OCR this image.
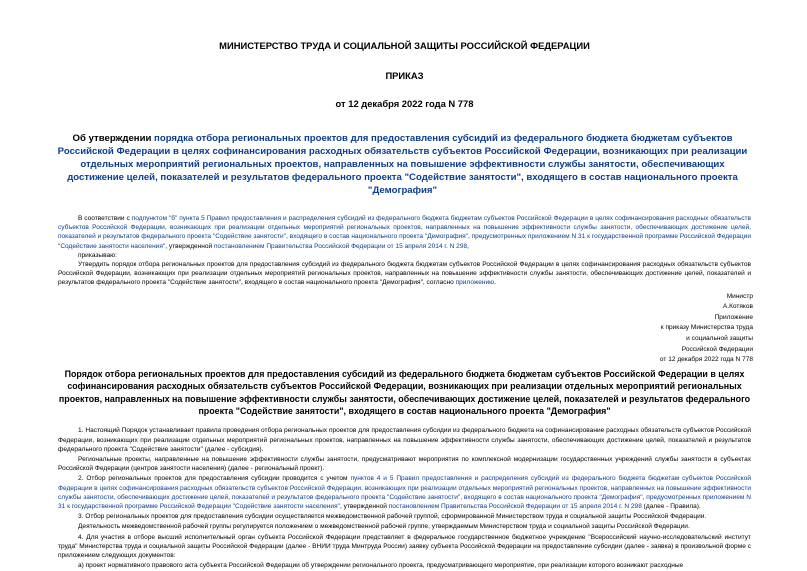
МИНИСТЕРСТВО ТРУДА И СОЦИАЛЬНОЙ ЗАЩИТЫ РОССИЙСКОЙ ФЕДЕРАЦИИ
ПРИКАЗ
от 12 декабря 2022 года N 778
Об утверждении порядка отбора региональных проектов для предоставления субсидий из федерального бюджета бюджетам субъектов Российской Федерации в целях софинансирования расходных обязательств субъектов Российской Федерации, возникающих при реализации отдельных мероприятий региональных проектов, направленных на повышение эффективности службы занятости, обеспечивающих достижение целей, показателей и результатов федерального проекта "Содействие занятости", входящего в состав национального проекта "Демография"

В соответствии с подпунктом "б" пункта 5 Правил предоставления и распределения субсидий из федерального бюджета бюджетам субъектов Российской Федерации в целях софинансирования расходных обязательств субъектов Российской Федерации, возникающих при реализации отдельных мероприятий региональных проектов, направленных на повышение эффективности службы занятости, обеспечивающих достижение целей, показателей и результатов федерального проекта "Содействие занятости", входящего в состав национального проекта "Демография", предусмотренных приложением N 31 к государственной программе Российской Федерации "Содействие занятости населения", утвержденной постановлением Правительства Российской Федерации от 15 апреля 2014 г. N 298,

приказываю:

Утвердить порядок отбора региональных проектов для предоставления субсидий из федерального бюджета бюджетам субъектов Российской Федерации в целях софинансирования расходных обязательств субъектов Российской Федерации, возникающих при реализации отдельных мероприятий региональных проектов, направленных на повышение эффективности службы занятости, обеспечивающих достижение целей, показателей и результатов федерального проекта "Содействие занятости", входящего в состав национального проекта "Демография", согласно приложению.

Министр
А.Котяков
Приложение
к приказу Министерства труда
и социальной защиты
Российской Федерации
от 12 декабря 2022 года N 778
Порядок отбора региональных проектов для предоставления субсидий из федерального бюджета бюджетам субъектов Российской Федерации в целях софинансирования расходных обязательств субъектов Российской Федерации, возникающих при реализации отдельных мероприятий региональных проектов, направленных на повышение эффективности службы занятости, обеспечивающих достижение целей, показателей и результатов федерального проекта "Содействие занятости", входящего в состав национального проекта "Демография"

1. Настоящий Порядок устанавливает правила проведения отбора региональных проектов для предоставления субсидии из федерального бюджета на софинансирование расходных обязательств субъектов Российской Федерации, возникающих при реализации отдельных мероприятий региональных проектов, направленных на повышение эффективности службы занятости, обеспечивающих достижение целей, показателей и результатов федерального проекта "Содействие занятости" (далее - субсидия).

Региональные проекты, направленные на повышение эффективности службы занятости, предусматривают мероприятия по комплексной модернизации государственных учреждений службы занятости в субъектах Российской Федерации (центров занятости населения) (далее - региональный проект).

2. Отбор региональных проектов для предоставления субсидии проводится с учетом пунктов 4 и 5 Правил предоставления и распределения субсидий из федерального бюджета бюджетам субъектов Российской Федерации в целях софинансирования расходных обязательств субъектов Российской Федерации, возникающих при реализации отдельных мероприятий региональных проектов, направленных на повышение эффективности службы занятости, обеспечивающих достижение целей, показателей и результатов федерального проекта "Содействие занятости", входящего в состав национального проекта "Демография", предусмотренных приложением N 31 к государственной программе Российской Федерации "Содействие занятости населения", утвержденной постановлением Правительства Российской Федерации от 15 апреля 2014 г. N 298 (далее - Правила).

3. Отбор региональных проектов для предоставления субсидии осуществляется межведомственной рабочей группой, сформированной Министерством труда и социальной защиты Российской Федерации.

Деятельность межведомственной рабочей группы регулируется положением о межведомственной рабочей группе, утверждаемым Министерством труда и социальной защиты Российской Федерации.

4. Для участия в отборе высший исполнительный орган субъекта Российской Федерации представляет в федеральное государственное бюджетное учреждение "Всероссийский научно-исследовательский институт труда" Министерства труда и социальной защиты Российской Федерации (далее - ВНИИ труда Минтруда России) заявку субъекта Российской Федерации на предоставление субсидии (далее - заявка) в произвольной форме с приложением следующих документов:

а) проект нормативного правового акта субъекта Российской Федерации об утверждении регионального проекта, предусматривающего мероприятие, при реализации которого возникают расходные
